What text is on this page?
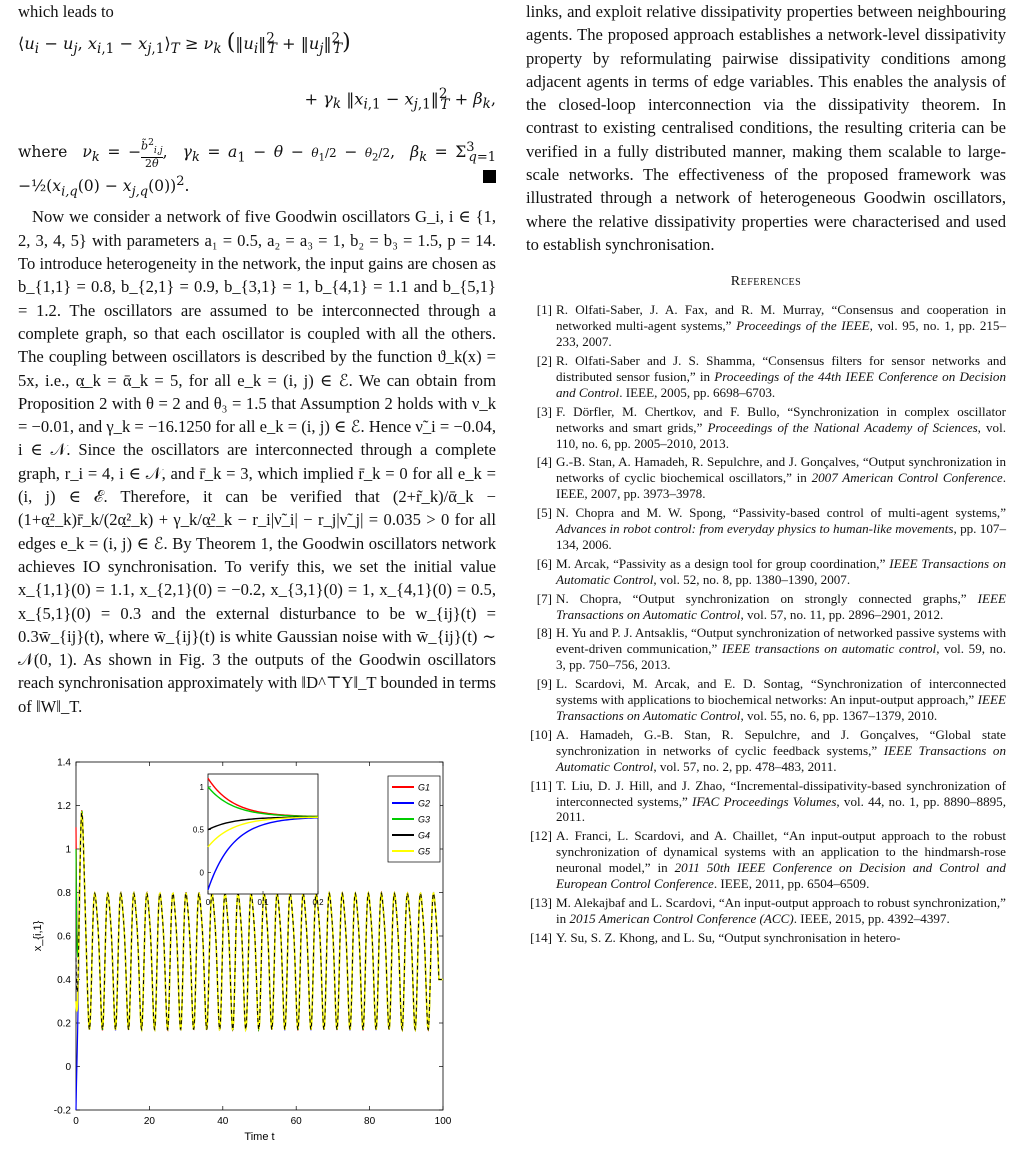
which leads to

$⟨u_i - u_j$, $x_{i,1}$ − $x_{j,1}⟩_T \ge \nu_k$ ($‖u_i‖^2_T$ + $‖u_j‖^2_T$)
+ $\gamma_k$ $‖x_{i,1}$ − $x_{j,1}‖^2_T + \beta_k$,

where  $\nu_k$ = − $\frac{b̃^2_{i,j}}{2\theta}$ ,  $\gamma_k = a_1 - \theta - \theta_1/2 - \theta_2/2$,  $\beta_k = \Sigma^3_{q=1}$ $-\frac{1}{2}(x_{i,q}(0) - x_{j,q}(0))^2$.

Now we consider a network of five Goodwin oscillators G_i, i ∈ {1, 2, 3, 4, 5} with parameters a₁ = 0.5, a₂ = a₃ = 1, b₂ = b₃ = 1.5, p = 14. To introduce heterogeneity in the network, the input gains are chosen as b_{1,1} = 0.8, b_{2,1} = 0.9, b_{3,1} = 1, b_{4,1} = 1.1 and b_{5,1} = 1.2. The oscillators are assumed to be interconnected through a complete graph, so that each oscillator is coupled with all the others. The coupling between oscillators is described by the function ϑ_k(x) = 5x, i.e., α̲_k = ᾱ_k = 5, for all e_k = (i, j) ∈ ℰ. We can obtain from Proposition 2 with θ = 2 and θ₃ = 1.5 that Assumption 2 holds with ν_k = −0.01, and γ_k = −16.1250 for all e_k = (i, j) ∈ ℰ. Hence ν̃_i = −0.04, i ∈ 𝒩. Since the oscillators are interconnected through a complete graph, r_i = 4, i ∈ 𝒩, and r̄_k = 3, which implied r̄_k = 0 for all e_k = (i, j) ∈ ℰ. Therefore, it can be verified that (2+r̃_k)/ᾱ_k − (1+α̲²_k)r̄_k/(2α̲²_k) + γ_k/α̲²_k − r_i|ν̃_i| − r_j|ν̃_j| = 0.035 > 0 for all edges e_k = (i, j) ∈ ℰ. By Theorem 1, the Goodwin oscillators network achieves IO synchronisation. To verify this, we set the initial value x_{1,1}(0) = 1.1, x_{2,1}(0) = −0.2, x_{3,1}(0) = 1, x_{4,1}(0) = 0.5, x_{5,1}(0) = 0.3 and the external disturbance to be w_{ij}(t) = 0.3w̄_{ij}(t), where w̄_{ij}(t) is white Gaussian noise with w̄_{ij}(t) ∼ 𝒩(0, 1). As shown in Fig. 3 the outputs of the Goodwin oscillators reach synchronisation approximately with ‖D^⊤Y‖_T bounded in terms of ‖W‖_T.

0	20	40	60	80	100
-0.2
0
0.2
0.4
0.6
0.8
1
1.2
1.4
Time t
x_{i,1}
0	0.1	0.2
0
0.5
1	G1
G2
G3
G4
G5

links, and exploit relative dissipativity properties between neighbouring agents. The proposed approach establishes a network-level dissipativity property by reformulating pairwise dissipativity conditions among adjacent agents in terms of edge variables. This enables the analysis of the closed-loop interconnection via the dissipativity theorem. In contrast to existing centralised conditions, the resulting criteria can be verified in a fully distributed manner, making them scalable to large-scale networks. The effectiveness of the proposed framework was illustrated through a network of heterogeneous Goodwin oscillators, where the relative dissipativity properties were characterised and used to establish synchronisation.

References
[1] R. Olfati-Saber, J. A. Fax, and R. M. Murray, “Consensus and cooperation in networked multi-agent systems,” Proceedings of the IEEE, vol. 95, no. 1, pp. 215–233, 2007.
[2] R. Olfati-Saber and J. S. Shamma, “Consensus filters for sensor networks and distributed sensor fusion,” in Proceedings of the 44th IEEE Conference on Decision and Control. IEEE, 2005, pp. 6698–6703.
[3] F. Dörfler, M. Chertkov, and F. Bullo, “Synchronization in complex oscillator networks and smart grids,” Proceedings of the National Academy of Sciences, vol. 110, no. 6, pp. 2005–2010, 2013.
[4] G.-B. Stan, A. Hamadeh, R. Sepulchre, and J. Gonçalves, “Output synchronization in networks of cyclic biochemical oscillators,” in 2007 American Control Conference. IEEE, 2007, pp. 3973–3978.
[5] N. Chopra and M. W. Spong, “Passivity-based control of multi-agent systems,” Advances in robot control: from everyday physics to human-like movements, pp. 107–134, 2006.
[6] M. Arcak, “Passivity as a design tool for group coordination,” IEEE Transactions on Automatic Control, vol. 52, no. 8, pp. 1380–1390, 2007.
[7] N. Chopra, “Output synchronization on strongly connected graphs,” IEEE Transactions on Automatic Control, vol. 57, no. 11, pp. 2896–2901, 2012.
[8] H. Yu and P. J. Antsaklis, “Output synchronization of networked passive systems with event-driven communication,” IEEE transactions on automatic control, vol. 59, no. 3, pp. 750–756, 2013.
[9] L. Scardovi, M. Arcak, and E. D. Sontag, “Synchronization of interconnected systems with applications to biochemical networks: An input-output approach,” IEEE Transactions on Automatic Control, vol. 55, no. 6, pp. 1367–1379, 2010.
[10] A. Hamadeh, G.-B. Stan, R. Sepulchre, and J. Gonçalves, “Global state synchronization in networks of cyclic feedback systems,” IEEE Transactions on Automatic Control, vol. 57, no. 2, pp. 478–483, 2011.
[11] T. Liu, D. J. Hill, and J. Zhao, “Incremental-dissipativity-based synchronization of interconnected systems,” IFAC Proceedings Volumes, vol. 44, no. 1, pp. 8890–8895, 2011.
[12] A. Franci, L. Scardovi, and A. Chaillet, “An input-output approach to the robust synchronization of dynamical systems with an application to the hindmarsh-rose neuronal model,” in 2011 50th IEEE Conference on Decision and Control and European Control Conference. IEEE, 2011, pp. 6504–6509.
[13] M. Alekajbaf and L. Scardovi, “An input-output approach to robust synchronization,” in 2015 American Control Conference (ACC). IEEE, 2015, pp. 4392–4397.
[14] Y. Su, S. Z. Khong, and L. Su, “Output synchronisation in hetero-
